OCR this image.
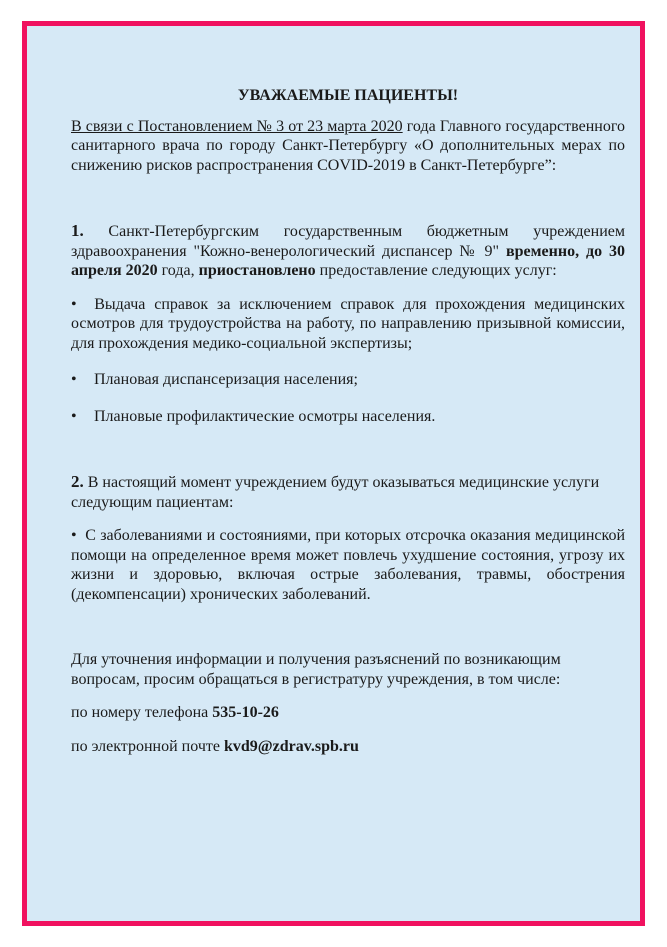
УВАЖАЕМЫЕ ПАЦИЕНТЫ!

В связи с Постановлением № 3 от 23 марта 2020 года Главного государственного санитарного врача по городу Санкт-Петербургу «О дополнительных мерах по снижению рисков распространения COVID-2019 в Санкт-Петербурге”:

1. Санкт-Петербургским государственным бюджетным учреждением здравоохранения "Кожно-венерологический диспансер № 9" временно, до 30 апреля 2020 года, приостановлено предоставление следующих услуг:

• Выдача справок за исключением справок для прохождения медицинских осмотров для трудоустройства на работу, по направлению призывной комиссии, для прохождения медико-социальной экспертизы;

•	Плановая диспансеризация населения;
•	Плановые профилактические осмотры населения.

2. В настоящий момент учреждением будут оказываться медицинские услуги следующим пациентам:

• С заболеваниями и состояниями, при которых отсрочка оказания медицинской помощи на определенное время может повлечь ухудшение состояния, угрозу их жизни и здоровью, включая острые заболевания, травмы, обострения (декомпенсации) хронических заболеваний.

Для уточнения информации и получения разъяснений по возникающим вопросам, просим обращаться в регистратуру учреждения, в том числе:

по номеру телефона 535-10-26

по электронной почте kvd9@zdrav.spb.ru
